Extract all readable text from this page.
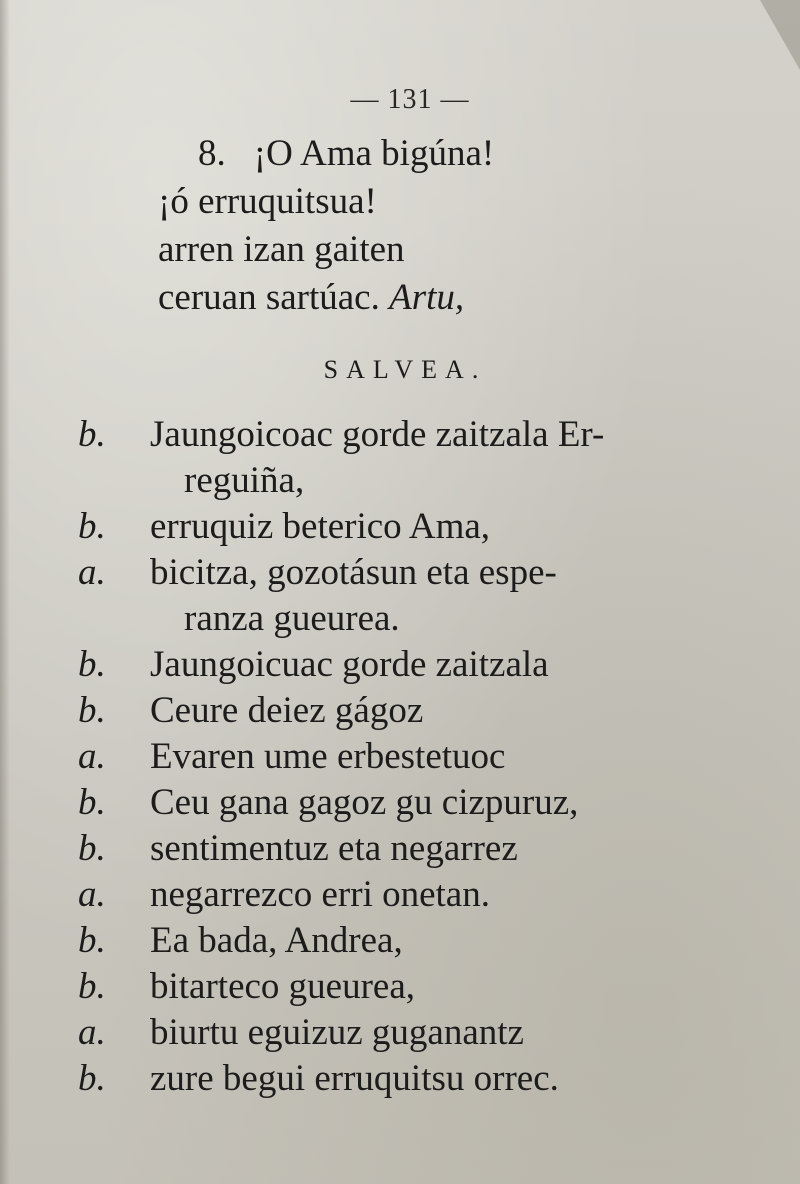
— 131 —
8. ¡O Ama bigúna!
¡ó erruquitsua!
arren izan gaiten
ceruan sartúac. Artu,
SALVEA.
b. Jaungoicoac gorde zaitzala Er-
reguiña,
b. erruquiz beterico Ama,
a. bicitza, gozotásun eta espe-
ranza gueurea.
b. Jaungoicuac gorde zaitzala
b. Ceure deiez gágoz
a. Evaren ume erbestetuoc
b. Ceu gana gagoz gu cizpuruz,
b. sentimentuz eta negarrez
a. negarrezco erri onetan.
b. Ea bada, Andrea,
b. bitarteco gueurea,
a. biurtu eguizuz guganantz
b. zure begui erruquitsu orrec.
